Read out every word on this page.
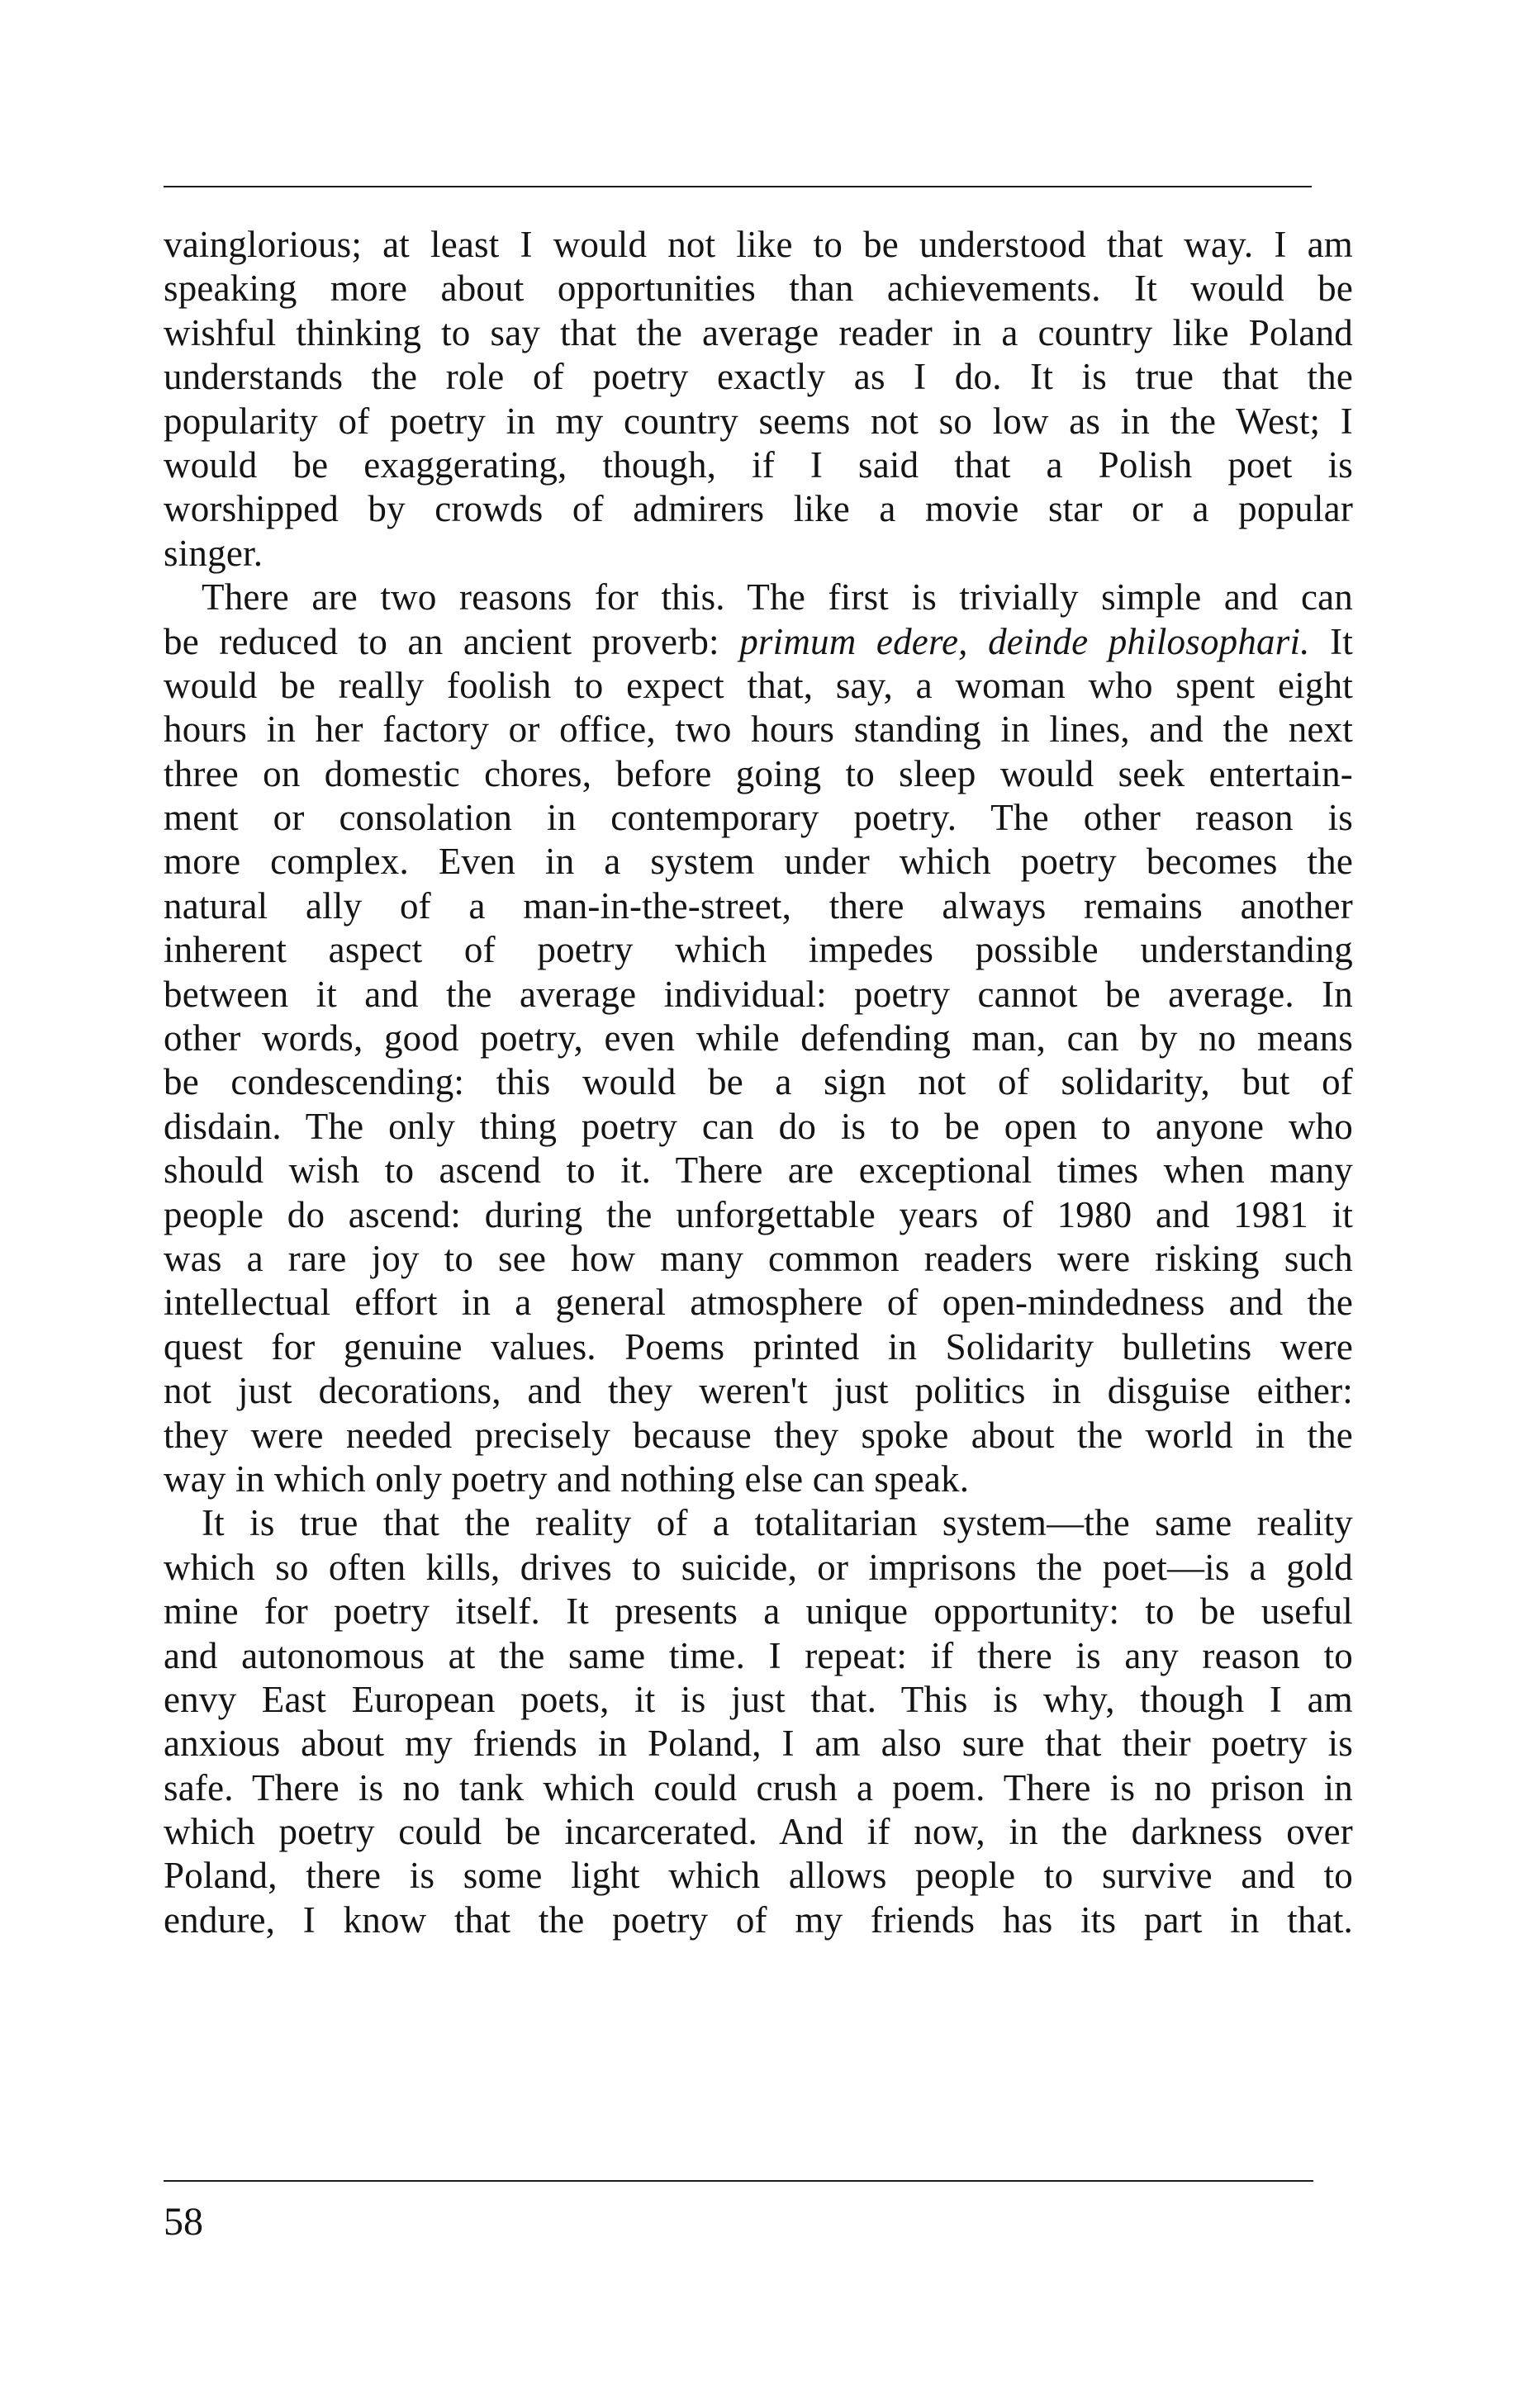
vainglorious; at least I would not like to be understood that way. I am
speaking more about opportunities than achievements. It would be
wishful thinking to say that the average reader in a country like Poland
understands the role of poetry exactly as I do. It is true that the
popularity of poetry in my country seems not so low as in the West; I
would be exaggerating, though, if I said that a Polish poet is
worshipped by crowds of admirers like a movie star or a popular
singer.
There are two reasons for this. The first is trivially simple and can
be reduced to an ancient proverb: primum edere, deinde philosophari. It
would be really foolish to expect that, say, a woman who spent eight
hours in her factory or office, two hours standing in lines, and the next
three on domestic chores, before going to sleep would seek entertain-
ment or consolation in contemporary poetry. The other reason is
more complex. Even in a system under which poetry becomes the
natural ally of a man-in-the-street, there always remains another
inherent aspect of poetry which impedes possible understanding
between it and the average individual: poetry cannot be average. In
other words, good poetry, even while defending man, can by no means
be condescending: this would be a sign not of solidarity, but of
disdain. The only thing poetry can do is to be open to anyone who
should wish to ascend to it. There are exceptional times when many
people do ascend: during the unforgettable years of 1980 and 1981 it
was a rare joy to see how many common readers were risking such
intellectual effort in a general atmosphere of open-mindedness and the
quest for genuine values. Poems printed in Solidarity bulletins were
not just decorations, and they weren't just politics in disguise either:
they were needed precisely because they spoke about the world in the
way in which only poetry and nothing else can speak.
It is true that the reality of a totalitarian system—the same reality
which so often kills, drives to suicide, or imprisons the poet—is a gold
mine for poetry itself. It presents a unique opportunity: to be useful
and autonomous at the same time. I repeat: if there is any reason to
envy East European poets, it is just that. This is why, though I am
anxious about my friends in Poland, I am also sure that their poetry is
safe. There is no tank which could crush a poem. There is no prison in
which poetry could be incarcerated. And if now, in the darkness over
Poland, there is some light which allows people to survive and to
endure, I know that the poetry of my friends has its part in that.
58
